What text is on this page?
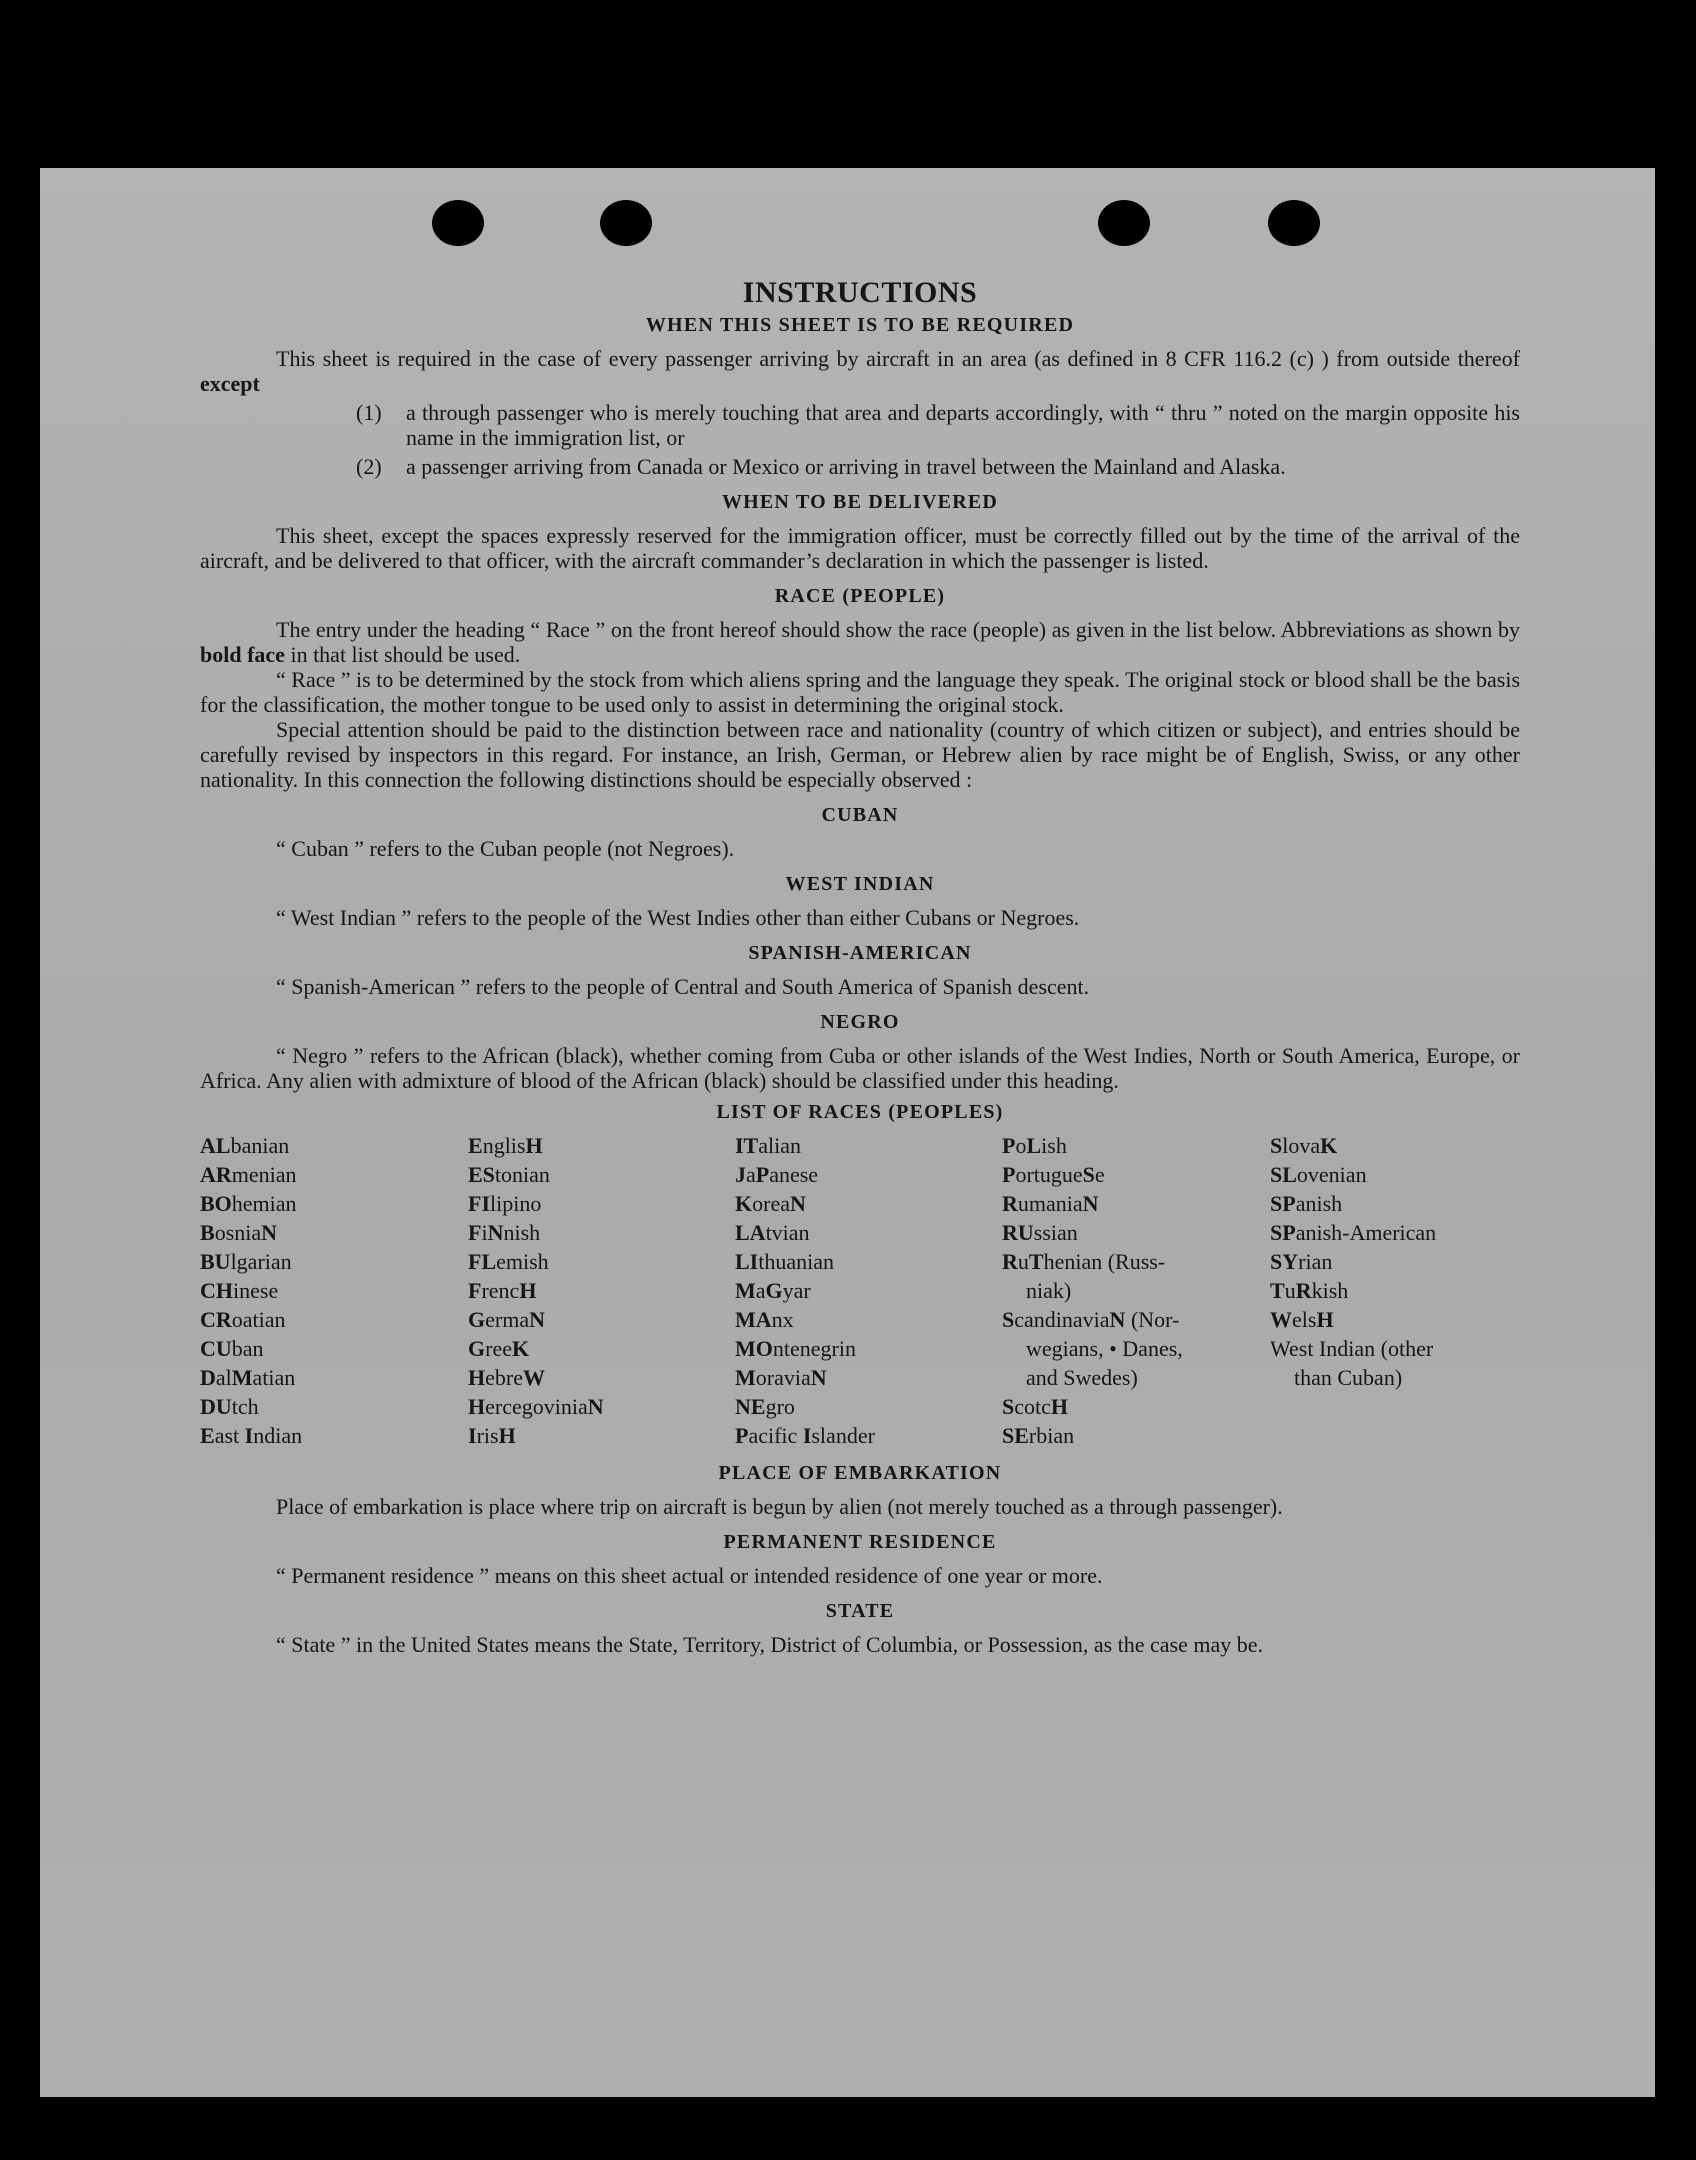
INSTRUCTIONS
WHEN THIS SHEET IS TO BE REQUIRED

This sheet is required in the case of every passenger arriving by aircraft in an area (as defined in 8 CFR 116.2 (c) ) from outside thereof except

(1)	a through passenger who is merely touching that area and departs accordingly, with “ thru ” noted on the margin opposite his name in the immigration list, or
(2)	a passenger arriving from Canada or Mexico or arriving in travel between the Mainland and Alaska.
WHEN TO BE DELIVERED

This sheet, except the spaces expressly reserved for the immigration officer, must be correctly filled out by the time of the arrival of the aircraft, and be delivered to that officer, with the aircraft commander’s declaration in which the passenger is listed.

RACE (PEOPLE)

The entry under the heading “ Race ” on the front hereof should show the race (people) as given in the list below. Abbreviations as shown by bold face in that list should be used.

“ Race ” is to be determined by the stock from which aliens spring and the language they speak. The original stock or blood shall be the basis for the classification, the mother tongue to be used only to assist in determining the original stock.

Special attention should be paid to the distinction between race and nationality (country of which citizen or subject), and entries should be carefully revised by inspectors in this regard. For instance, an Irish, German, or Hebrew alien by race might be of English, Swiss, or any other nationality. In this connection the following distinctions should be especially observed :

CUBAN

“ Cuban ” refers to the Cuban people (not Negroes).

WEST INDIAN

“ West Indian ” refers to the people of the West Indies other than either Cubans or Negroes.

SPANISH-AMERICAN

“ Spanish-American ” refers to the people of Central and South America of Spanish descent.

NEGRO

“ Negro ” refers to the African (black), whether coming from Cuba or other islands of the West Indies, North or South America, Europe, or Africa. Any alien with admixture of blood of the African (black) should be classified under this heading.

LIST OF RACES (PEOPLES)
ALbanian
ARmenian
BOhemian
BosniaN
BUlgarian
CHinese
CRoatian
CUban
DalMatian
DUtch
East Indian
EnglisH
EStonian
FIlipino
FiNnish
FLemish
FrencH
GermaN
GreeK
HebreW
HercegoviniaN
IrisH
ITalian
JaPanese
KoreaN
LAtvian
LIthuanian
MaGyar
MAnx
MOntenegrin
MoraviaN
NEgro
Pacific Islander
PoLish
PortugueSe
RumaniaN
RUssian
RuThenian (Russ-
niak)
ScandinaviaN (Nor-
wegians, • Danes,
and Swedes)
ScotcH
SErbian
SlovaK
SLovenian
SPanish
SPanish-American
SYrian
TuRkish
WelsH
West Indian (other
than Cuban)
PLACE OF EMBARKATION

Place of embarkation is place where trip on aircraft is begun by alien (not merely touched as a through passenger).

PERMANENT RESIDENCE

“ Permanent residence ” means on this sheet actual or intended residence of one year or more.

STATE

“ State ” in the United States means the State, Territory, District of Columbia, or Possession, as the case may be.
